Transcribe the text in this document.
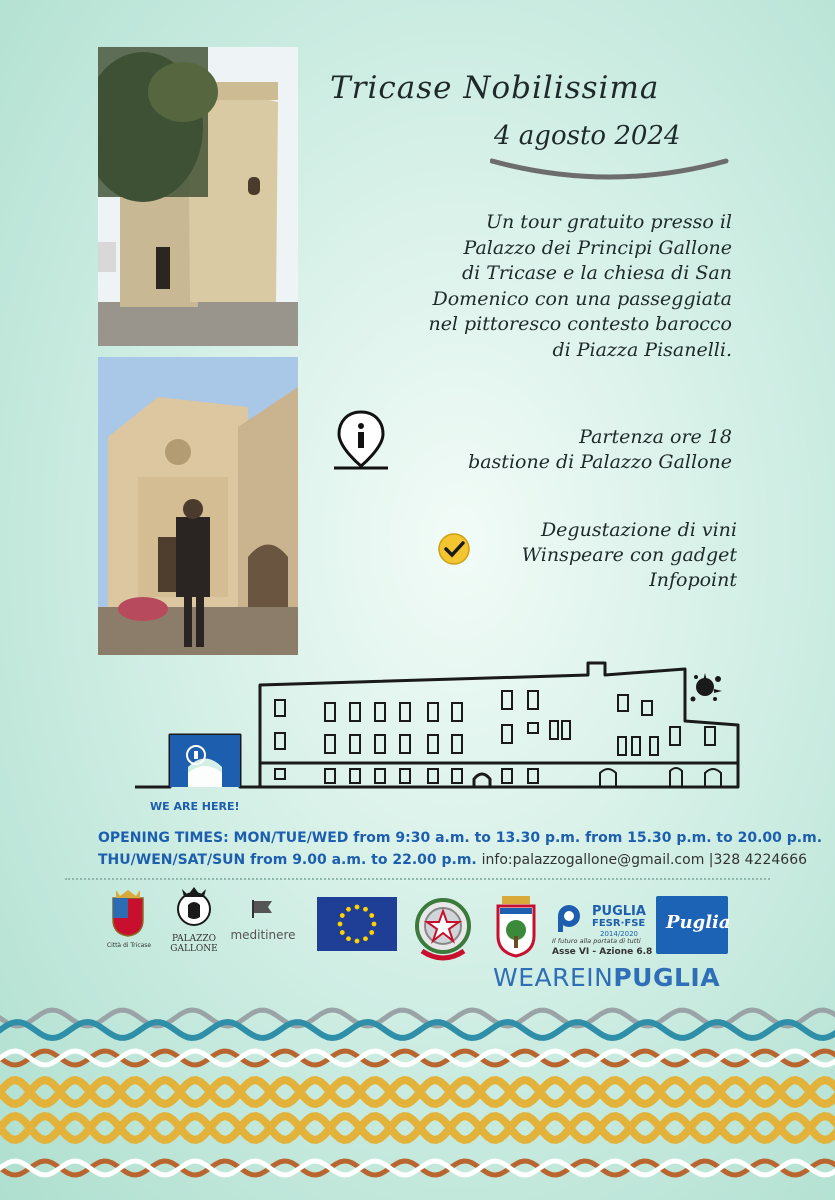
Tricase Nobilissima
4 agosto 2024
Un tour gratuito presso il
Palazzo dei Principi Gallone
di Tricase e la chiesa di San
Domenico con una passeggiata
nel pittoresco contesto barocco
di Piazza Pisanelli.
Partenza ore 18
bastione di Palazzo Gallone
Degustazione di vini
Winspeare con gadget
Infopoint
WE ARE HERE!
OPENING TIMES: MON/TUE/WED from 9:30 a.m. to 13.30 p.m. from 15.30 p.m. to 20.00 p.m.
THU/WEN/SAT/SUN from 9.00 a.m. to 22.00 p.m. info:palazzogallone@gmail.com |328 4224666
Città di Tricase
PALAZZO
GALLONE
meditinere
PUGLIA
FESR·FSE
2014/2020
Il futuro alla portata di tutti
Asse VI - Azione 6.8
Puglia
WEAREINPUGLIA
